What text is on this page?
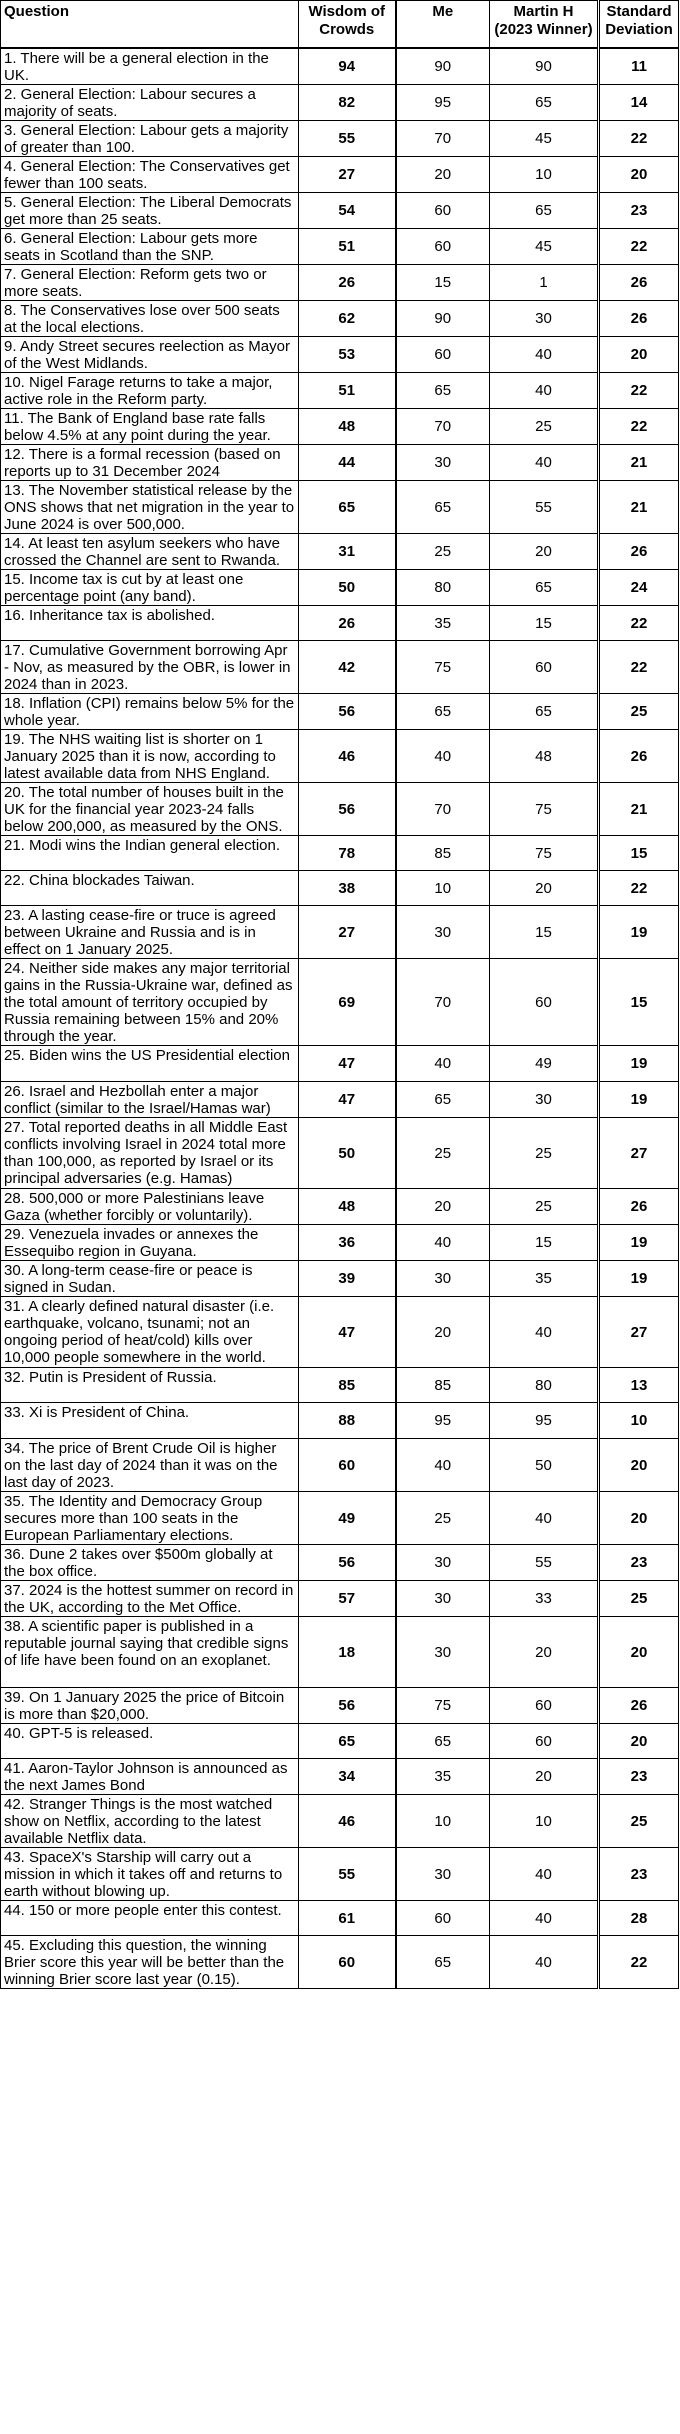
Question	Wisdom of Crowds	Me	Martin H (2023 Winner)	Standard Deviation
1. There will be a general election in the UK.	94	90	90	11
2. General Election: Labour secures a majority of seats.	82	95	65	14
3. General Election: Labour gets a majority of greater than 100.	55	70	45	22
4. General Election: The Conservatives get fewer than 100 seats.	27	20	10	20
5. General Election: The Liberal Democrats get more than 25 seats.	54	60	65	23
6. General Election: Labour gets more seats in Scotland than the SNP.	51	60	45	22
7. General Election: Reform gets two or more seats.	26	15	1	26
8. The Conservatives lose over 500 seats at the local elections.	62	90	30	26
9. Andy Street secures reelection as Mayor of the West Midlands.	53	60	40	20
10. Nigel Farage returns to take a major, active role in the Reform party.	51	65	40	22
11. The Bank of England base rate falls below 4.5% at any point during the year.	48	70	25	22
12. There is a formal recession (based on reports up to 31 December 2024	44	30	40	21
13. The November statistical release by the ONS shows that net migration in the year to June 2024 is over 500,000.	65	65	55	21
14. At least ten asylum seekers who have crossed the Channel are sent to Rwanda.	31	25	20	26
15. Income tax is cut by at least one percentage point (any band).	50	80	65	24
16. Inheritance tax is abolished.	26	35	15	22
17. Cumulative Government borrowing Apr - Nov, as measured by the OBR, is lower in 2024 than in 2023.	42	75	60	22
18. Inflation (CPI) remains below 5% for the whole year.	56	65	65	25
19. The NHS waiting list is shorter on 1 January 2025 than it is now, according to latest available data from NHS England.	46	40	48	26
20. The total number of houses built in the UK for the financial year 2023-24 falls below 200,000, as measured by the ONS.	56	70	75	21
21. Modi wins the Indian general election.	78	85	75	15
22. China blockades Taiwan.	38	10	20	22
23. A lasting cease-fire or truce is agreed between Ukraine and Russia and is in effect on 1 January 2025.	27	30	15	19
24. Neither side makes any major territorial gains in the Russia-Ukraine war, defined as the total amount of territory occupied by Russia remaining between 15% and 20% through the year.	69	70	60	15
25. Biden wins the US Presidential election	47	40	49	19
26. Israel and Hezbollah enter a major conflict (similar to the Israel/Hamas war)	47	65	30	19
27. Total reported deaths in all Middle East conflicts involving Israel in 2024 total more than 100,000, as reported by Israel or its principal adversaries (e.g. Hamas)	50	25	25	27
28. 500,000 or more Palestinians leave Gaza (whether forcibly or voluntarily).	48	20	25	26
29. Venezuela invades or annexes the Essequibo region in Guyana.	36	40	15	19
30. A long-term cease-fire or peace is signed in Sudan.	39	30	35	19
31. A clearly defined natural disaster (i.e. earthquake, volcano, tsunami; not an ongoing period of heat/cold) kills over 10,000 people somewhere in the world.	47	20	40	27
32. Putin is President of Russia.	85	85	80	13
33. Xi is President of China.	88	95	95	10
34. The price of Brent Crude Oil is higher on the last day of 2024 than it was on the last day of 2023.	60	40	50	20
35. The Identity and Democracy Group secures more than 100 seats in the European Parliamentary elections.	49	25	40	20
36. Dune 2 takes over $500m globally at the box office.	56	30	55	23
37. 2024 is the hottest summer on record in the UK, according to the Met Office.	57	30	33	25
38. A scientific paper is published in a reputable journal saying that credible signs of life have been found on an exoplanet.	18	30	20	20
39. On 1 January 2025 the price of Bitcoin is more than $20,000.	56	75	60	26
40. GPT-5 is released.	65	65	60	20
41. Aaron-Taylor Johnson is announced as the next James Bond	34	35	20	23
42. Stranger Things is the most watched show on Netflix, according to the latest available Netflix data.	46	10	10	25
43. SpaceX's Starship will carry out a mission in which it takes off and returns to earth without blowing up.	55	30	40	23
44. 150 or more people enter this contest.	61	60	40	28
45. Excluding this question, the winning Brier score this year will be better than the winning Brier score last year (0.15).	60	65	40	22
